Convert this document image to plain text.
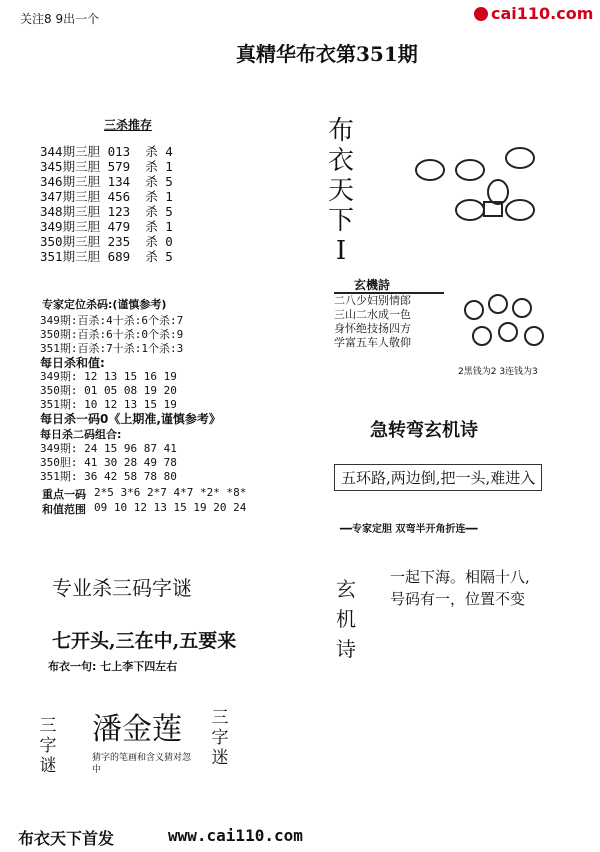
关注8 9出一个	cai110.com
真精华布衣第351期
三杀推存
344期三胆 013  杀 4
345期三胆 579  杀 1
346期三胆 134  杀 5
347期三胆 456  杀 1
348期三胆 123  杀 5
349期三胆 479  杀 1
350期三胆 235  杀 0
351期三胆 689  杀 5
专家定位杀码:(谨慎参考)
349期:百杀:4十杀:6个杀:7
350期:百杀:6十杀:0个杀:9
351期:百杀:7十杀:1个杀:3
每日杀和值:
349期: 12 13 15 16 19
350期: 01 05 08 19 20
351期: 10 12 13 15 19
每日杀一码0《上期准,谨慎参考》
每日杀二码组合:
349期: 24 15 96 87 41
350胆: 41 30 28 49 78
351期: 36 42 58 78 80
重点一码 2*5 3*6 2*7 4*7 *2* *8*
和值范围 09 10 12 13 15 19 20 24
专业杀三码字谜
七开头,三在中,五要来
布衣一句: 七上李下四左右
三字谜
潘金莲 三字迷
猜字的笔画和含义猜对忽中
布衣天下I
玄機詩
二八少妇别情郎
三山二水成一色
身怀绝技扬四方
学富五车人敬仰
2黑钱为2 3连钱为3
急转弯玄机诗
五环路,两边倒,把一头,难进入
━━专家定胆 双弯半开角折连━━
玄机诗
一起下海。相隔十八,
号码有一，位置不变
布衣天下首发	www.cai110.com
